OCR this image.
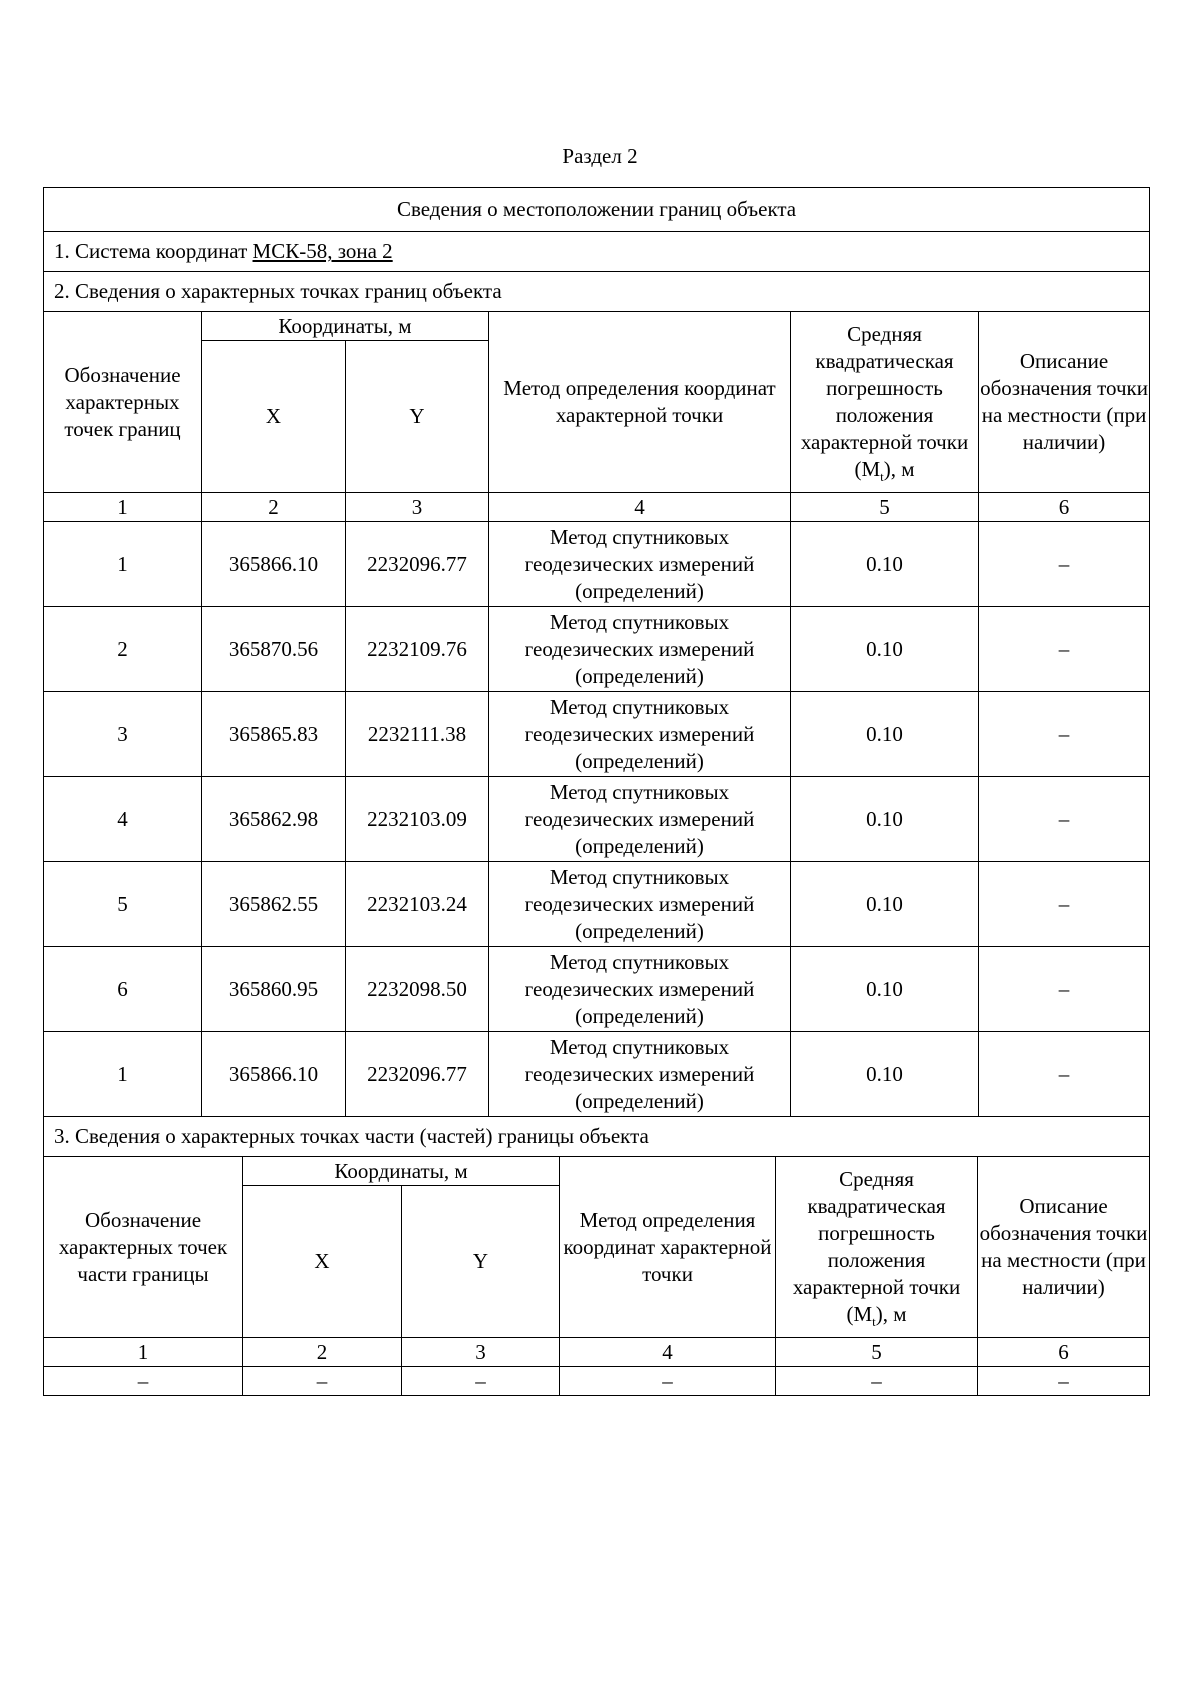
Раздел 2
Сведения о местоположении границ объекта					
1. Система координат МСК-58, зона 2					
2. Сведения о характерных точках границ объекта					
Обозначение характерных точек границ	Координаты, м		Метод определения координат характерной точки	Средняя квадратическая погрешность положения характерной точки $(M_t)$, м	Описание обозначения точки на местности (при наличии)
	X	Y			
1	2	3	4	5	6
1	365866.10	2232096.77	Метод спутниковых геодезических измерений (определений)	0.10	–
2	365870.56	2232109.76	Метод спутниковых геодезических измерений (определений)	0.10	–
3	365865.83	2232111.38	Метод спутниковых геодезических измерений (определений)	0.10	–
4	365862.98	2232103.09	Метод спутниковых геодезических измерений (определений)	0.10	–
5	365862.55	2232103.24	Метод спутниковых геодезических измерений (определений)	0.10	–
6	365860.95	2232098.50	Метод спутниковых геодезических измерений (определений)	0.10	–
1	365866.10	2232096.77	Метод спутниковых геодезических измерений (определений)	0.10	–
3. Сведения о характерных точках части (частей) границы объекта					
Обозначение характерных точек части границы	Координаты, м		Метод определения координат характерной точки	Средняя квадратическая погрешность положения характерной точки $(M_t)$, м	Описание обозначения точки на местности (при наличии)
	X	Y			
1	2	3	4	5	6
–	–	–	–	–	–
